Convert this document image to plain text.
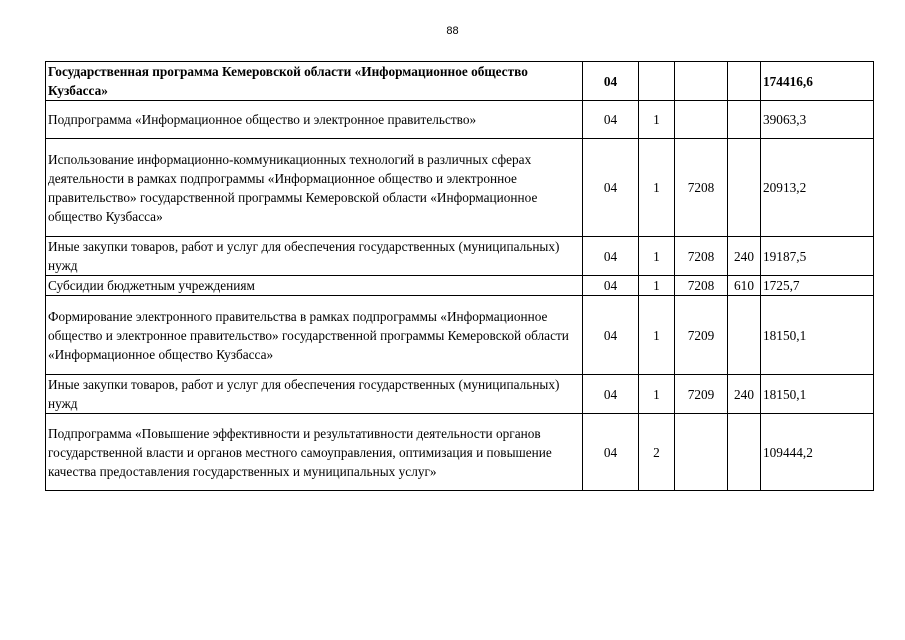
88
Государственная программа Кемеровской области «Информационное общество Кузбасса»	04				174416,6
Подпрограмма «Информационное общество и электронное правительство»	04	1			39063,3
Использование информационно-коммуникационных технологий в различных сферах деятельности в рамках подпрограммы «Информационное общество и электронное правительство» государственной программы Кемеровской области «Информационное общество Кузбасса»	04	1	7208		20913,2
Иные закупки товаров, работ и услуг для обеспечения государственных (муниципальных) нужд	04	1	7208	240	19187,5
Субсидии бюджетным учреждениям	04	1	7208	610	1725,7
Формирование электронного правительства в рамках подпрограммы «Информационное общество и электронное правительство» государственной программы Кемеровской области «Информационное общество Кузбасса»	04	1	7209		18150,1
Иные закупки товаров, работ и услуг для обеспечения государственных (муниципальных) нужд	04	1	7209	240	18150,1
Подпрограмма «Повышение эффективности и результативности деятельности органов государственной власти и органов местного самоуправления, оптимизация и повышение качества предоставления государственных и муниципальных услуг»	04	2			109444,2
